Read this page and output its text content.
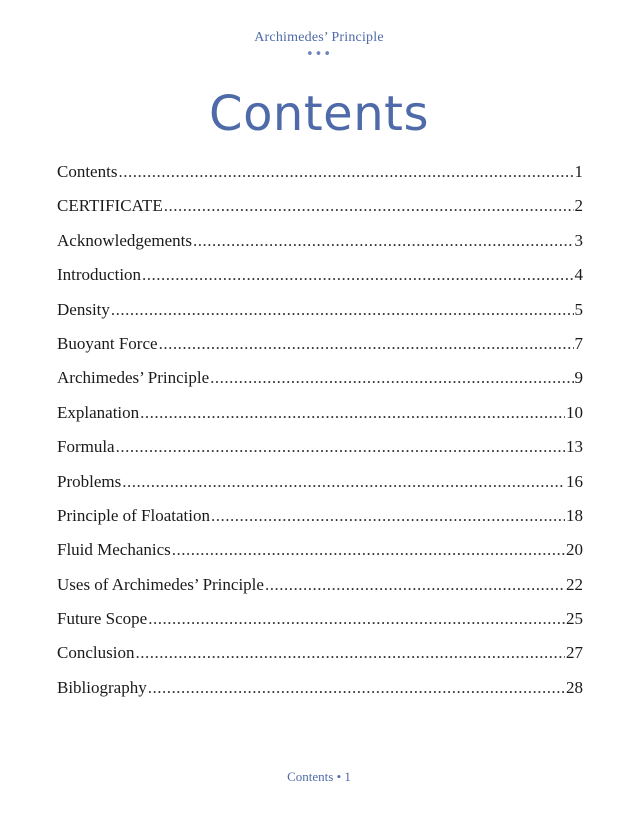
Archimedes’ Principle
•••
Contents
Contents .....	1
CERTIFICATE .....	2
Acknowledgements .....	3
Introduction .....	4
Density .....	5
Buoyant Force .....	7
Archimedes’ Principle .....	9
Explanation .....	10
Formula .....	13
Problems .....	16
Principle of Floatation .....	18
Fluid Mechanics .....	20
Uses of Archimedes’ Principle .....	22
Future Scope .....	25
Conclusion .....	27
Bibliography .....	28
Contents • 1
